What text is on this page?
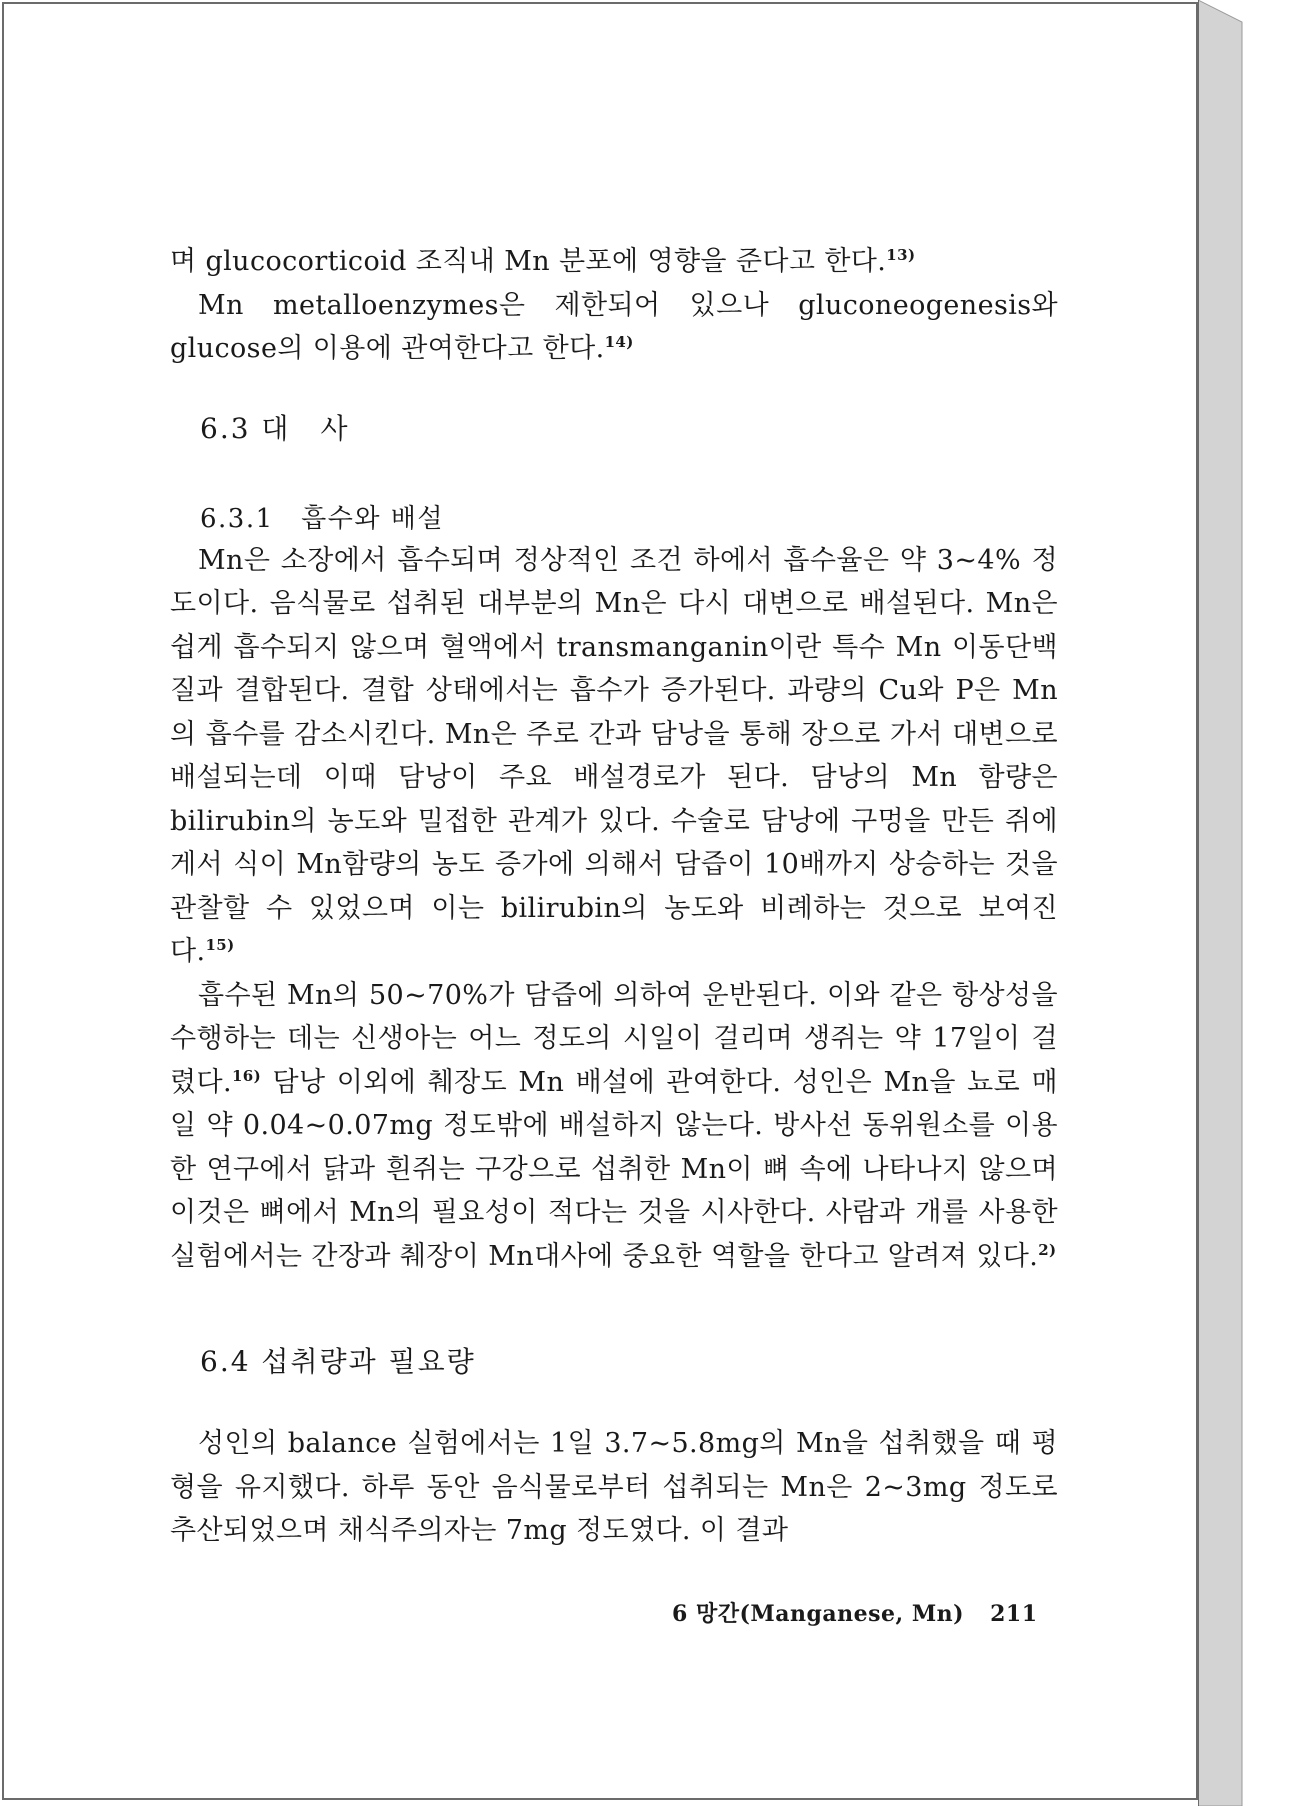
며 glucocorticoid 조직내 Mn 분포에 영향을 준다고 한다.$^{13)}$

Mn metalloenzymes은 제한되어 있으나 gluconeogenesis와 glucose의 이용에 관여한다고 한다.$^{14)}$

6.3 대　사
6.3.1　흡수와 배설

Mn은 소장에서 흡수되며 정상적인 조건 하에서 흡수율은 약 3~4% 정도이다. 음식물로 섭취된 대부분의 Mn은 다시 대변으로 배설된다. Mn은 쉽게 흡수되지 않으며 혈액에서 transmanganin이란 특수 Mn 이동단백질과 결합된다. 결합 상태에서는 흡수가 증가된다. 과량의 Cu와 P은 Mn의 흡수를 감소시킨다. Mn은 주로 간과 담낭을 통해 장으로 가서 대변으로 배설되는데 이때 담낭이 주요 배설경로가 된다. 담낭의 Mn 함량은 bilirubin의 농도와 밀접한 관계가 있다. 수술로 담낭에 구멍을 만든 쥐에게서 식이 Mn함량의 농도 증가에 의해서 담즙이 10배까지 상승하는 것을 관찰할 수 있었으며 이는 bilirubin의 농도와 비례하는 것으로 보여진다.$^{15)}$

흡수된 Mn의 50~70%가 담즙에 의하여 운반된다. 이와 같은 항상성을 수행하는 데는 신생아는 어느 정도의 시일이 걸리며 생쥐는 약 17일이 걸렸다.$^{16)}$ 담낭 이외에 췌장도 Mn 배설에 관여한다. 성인은 Mn을 뇨로 매일 약 0.04~0.07mg 정도밖에 배설하지 않는다. 방사선 동위원소를 이용한 연구에서 닭과 흰쥐는 구강으로 섭취한 Mn이 뼈 속에 나타나지 않으며 이것은 뼈에서 Mn의 필요성이 적다는 것을 시사한다. 사람과 개를 사용한 실험에서는 간장과 췌장이 Mn대사에 중요한 역할을 한다고 알려져 있다.$^{2)}$

6.4 섭취량과 필요량

성인의 balance 실험에서는 1일 3.7~5.8mg의 Mn을 섭취했을 때 평형을 유지했다. 하루 동안 음식물로부터 섭취되는 Mn은 2~3mg 정도로 추산되었으며 채식주의자는 7mg 정도였다. 이 결과

6 망간(Manganese, Mn) 211
